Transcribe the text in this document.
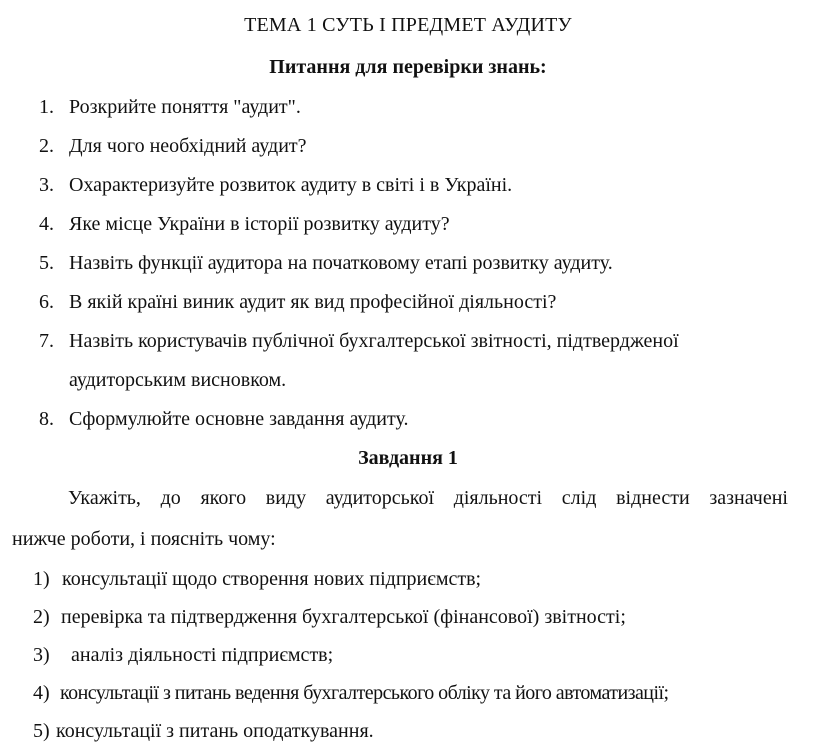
ТЕМА 1 СУТЬ І ПРЕДМЕТ АУДИТУ
Питання для перевірки знань:
1. Розкрийте поняття "аудит".
2. Для чого необхідний аудит?
3. Охарактеризуйте розвиток аудиту в світі і в Україні.
4. Яке місце України в історії розвитку аудиту?
5. Назвіть функції аудитора на початковому етапі розвитку аудиту.
6. В якій країні виник аудит як вид професійної діяльності?
7. Назвіть користувачів публічної бухгалтерської звітності, підтвердженої
аудиторським висновком.
8. Сформулюйте основне завдання аудиту.
Завдання 1
Укажіть, до якого виду аудиторської діяльності слід віднести зазначені
нижче роботи, і поясніть чому:
1) консультації щодо створення нових підприємств;
2) перевірка та підтвердження бухгалтерської (фінансової) звітності;
3) аналіз діяльності підприємств;
4) консультації з питань ведення бухгалтерського обліку та його автоматизації;
5) консультації з питань оподаткування.
